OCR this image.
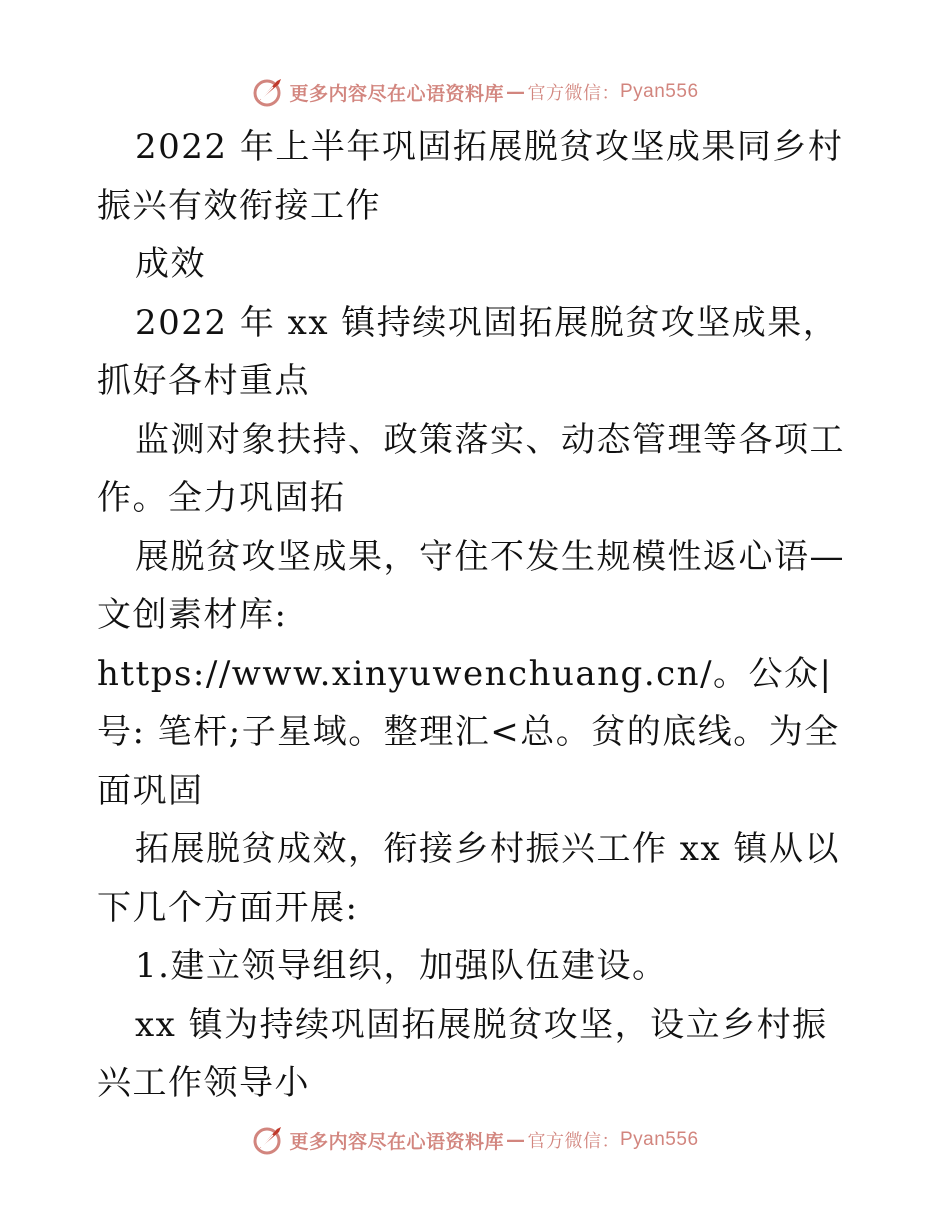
更多内容尽在心语资料库 — 官方微信： Pyan556

2022 年上半年巩固拓展脱贫攻坚成果同乡村振兴有效衔接工作

成效

2022 年 xx 镇持续巩固拓展脱贫攻坚成果，抓好各村重点

监测对象扶持、政策落实、动态管理等各项工作。全力巩固拓

展脱贫攻坚成果，守住不发生规模性返心语—文创素材库: https://www.xinyuwenchuang.cn/。公众|号: 笔杆;子星域。整理汇<总。贫的底线。为全面巩固

拓展脱贫成效，衔接乡村振兴工作 xx 镇从以下几个方面开展:

1.建立领导组织，加强队伍建设。

xx 镇为持续巩固拓展脱贫攻坚，设立乡村振兴工作领导小

更多内容尽在心语资料库 — 官方微信： Pyan556
